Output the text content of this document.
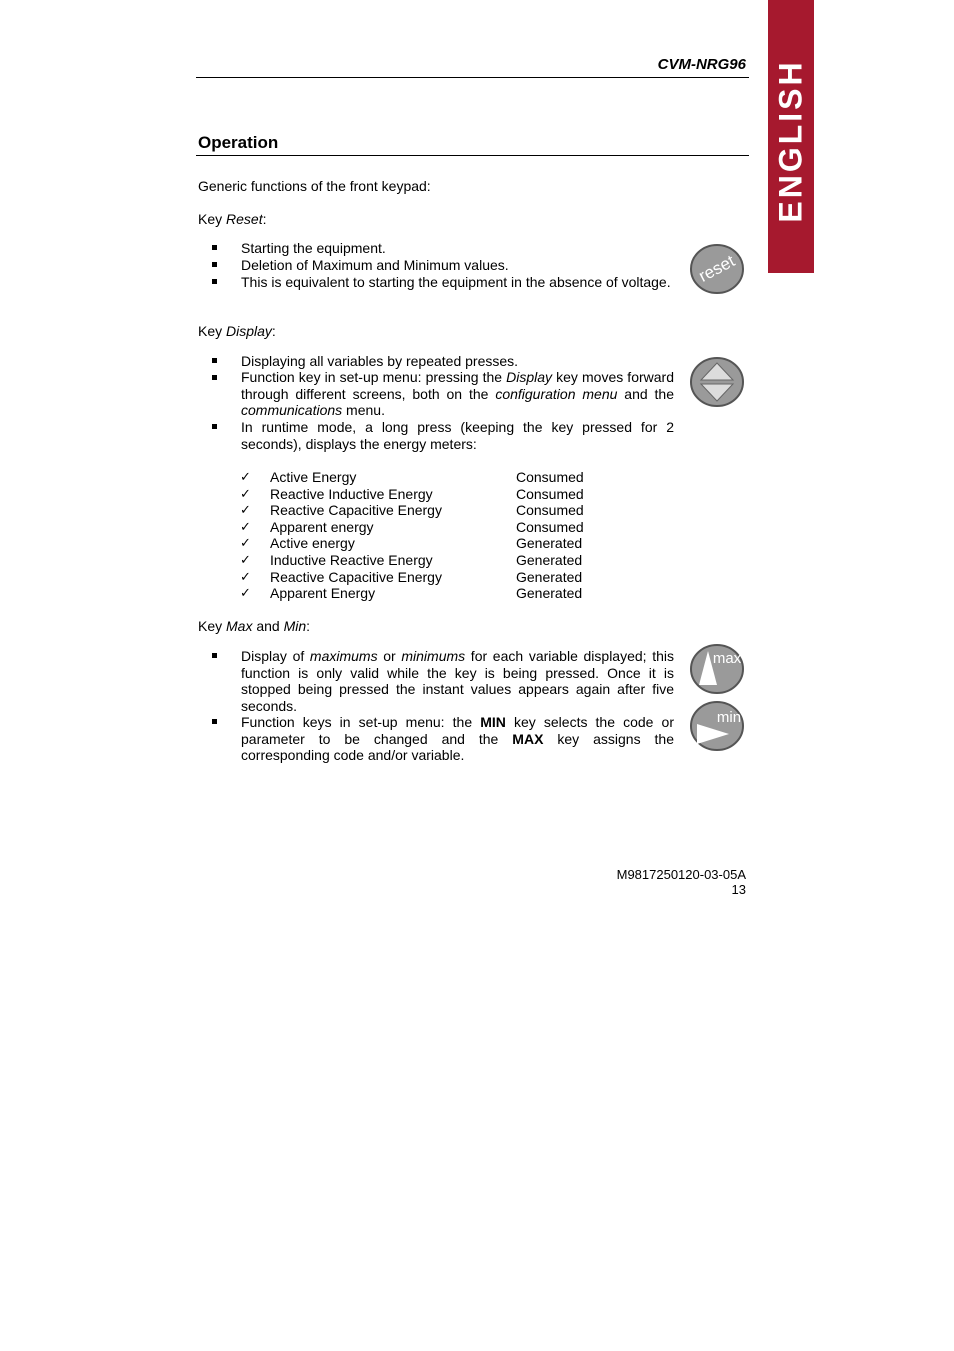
CVM-NRG96 ENGLISH
Operation
Generic functions of the front keypad:
Key Reset:
Starting the equipment.
Deletion of Maximum and Minimum values.
This is equivalent to starting the equipment in the absence of voltage. reset
Key Display:
Displaying all variables by repeated presses.
Function key in set-up menu: pressing the Display key moves forward through different screens, both on the configuration menu and the communications menu.
In runtime mode, a long press (keeping the key pressed for 2 seconds), displays the energy meters:
✓ Active Energy	Consumed
✓ Reactive Inductive Energy	Consumed
✓ Reactive Capacitive Energy	Consumed
✓ Apparent energy	Consumed
✓ Active energy	Generated
✓ Inductive Reactive Energy	Generated
✓ Reactive Capacitive Energy	Generated
✓ Apparent Energy	Generated
Key Max and Min:
Display of maximums or minimums for each variable displayed; this function is only valid while the key is being pressed. Once it is stopped being pressed the instant values appears again after five seconds.
Function keys in set-up menu: the MIN key selects the code or parameter to be changed and the MAX key assigns the corresponding code and/or variable.
max
min
M9817250120-03-05A
13
